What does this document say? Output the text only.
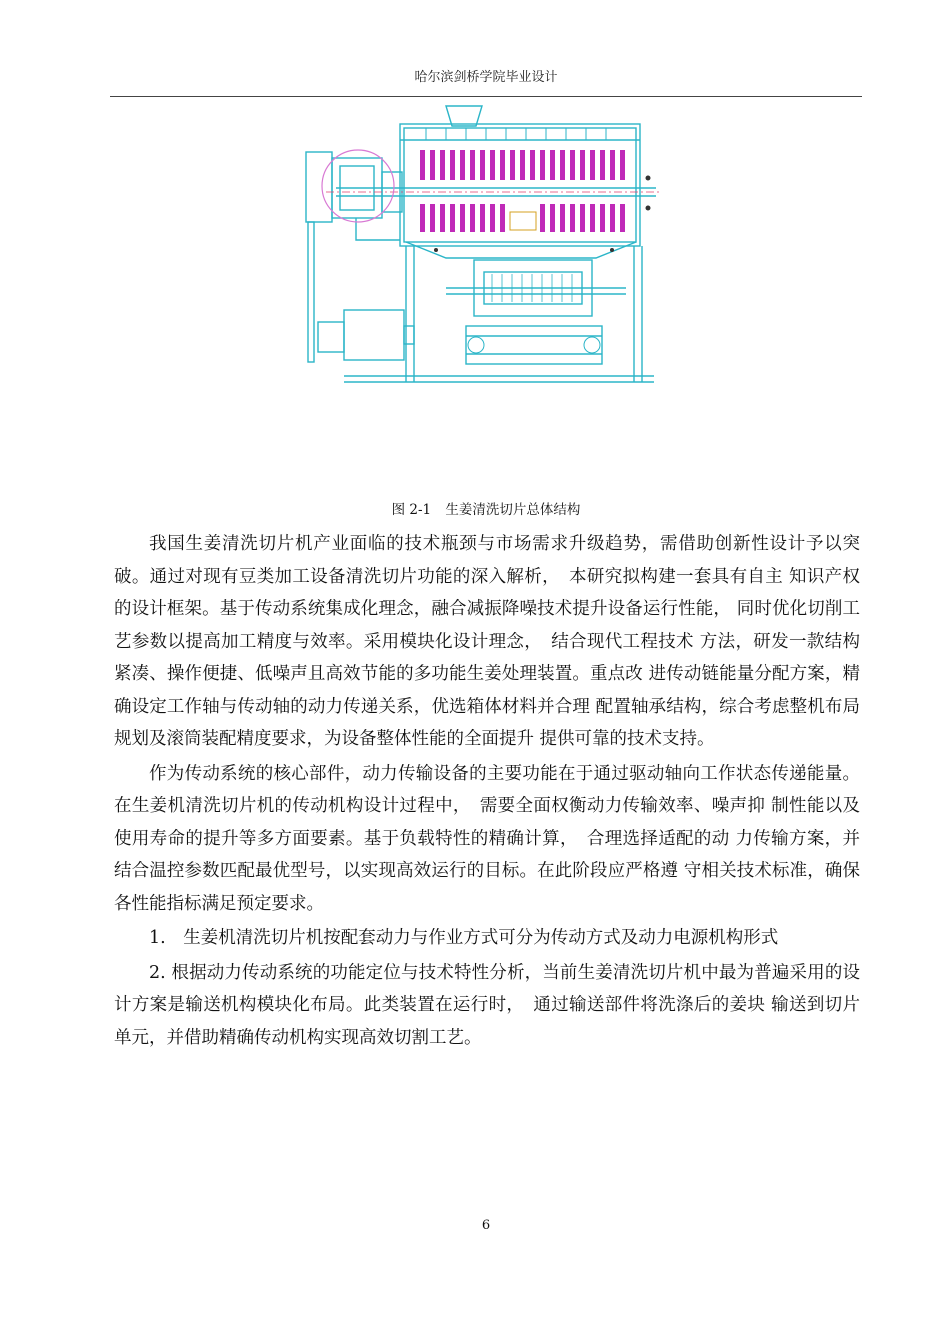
哈尔滨剑桥学院毕业设计
图 2-1 生姜清洗切片总体结构

我国生姜清洗切片机产业面临的技术瓶颈与市场需求升级趋势，需借助创新性设计予以突破。通过对现有豆类加工设备清洗切片功能的深入解析，　本研究拟构建一套具有自主 知识产权的设计框架。基于传动系统集成化理念，融合减振降噪技术提升设备运行性能， 同时优化切削工艺参数以提高加工精度与效率。采用模块化设计理念，　结合现代工程技术 方法，研发一款结构紧凑、操作便捷、低噪声且高效节能的多功能生姜处理装置。重点改 进传动链能量分配方案，精确设定工作轴与传动轴的动力传递关系，优选箱体材料并合理 配置轴承结构，综合考虑整机布局规划及滚筒装配精度要求，为设备整体性能的全面提升 提供可靠的技术支持。

作为传动系统的核心部件，动力传输设备的主要功能在于通过驱动轴向工作状态传递能量。在生姜机清洗切片机的传动机构设计过程中，　需要全面权衡动力传输效率、噪声抑 制性能以及使用寿命的提升等多方面要素。基于负载特性的精确计算，　合理选择适配的动 力传输方案，并结合温控参数匹配最优型号，以实现高效运行的目标。在此阶段应严格遵 守相关技术标准，确保各性能指标满足预定要求。

1.　生姜机清洗切片机按配套动力与作业方式可分为传动方式及动力电源机构形式

2. 根据动力传动系统的功能定位与技术特性分析，当前生姜清洗切片机中最为普遍采用的设计方案是输送机构模块化布局。此类装置在运行时，　通过输送部件将洗涤后的姜块 输送到切片单元，并借助精确传动机构实现高效切割工艺。

6
